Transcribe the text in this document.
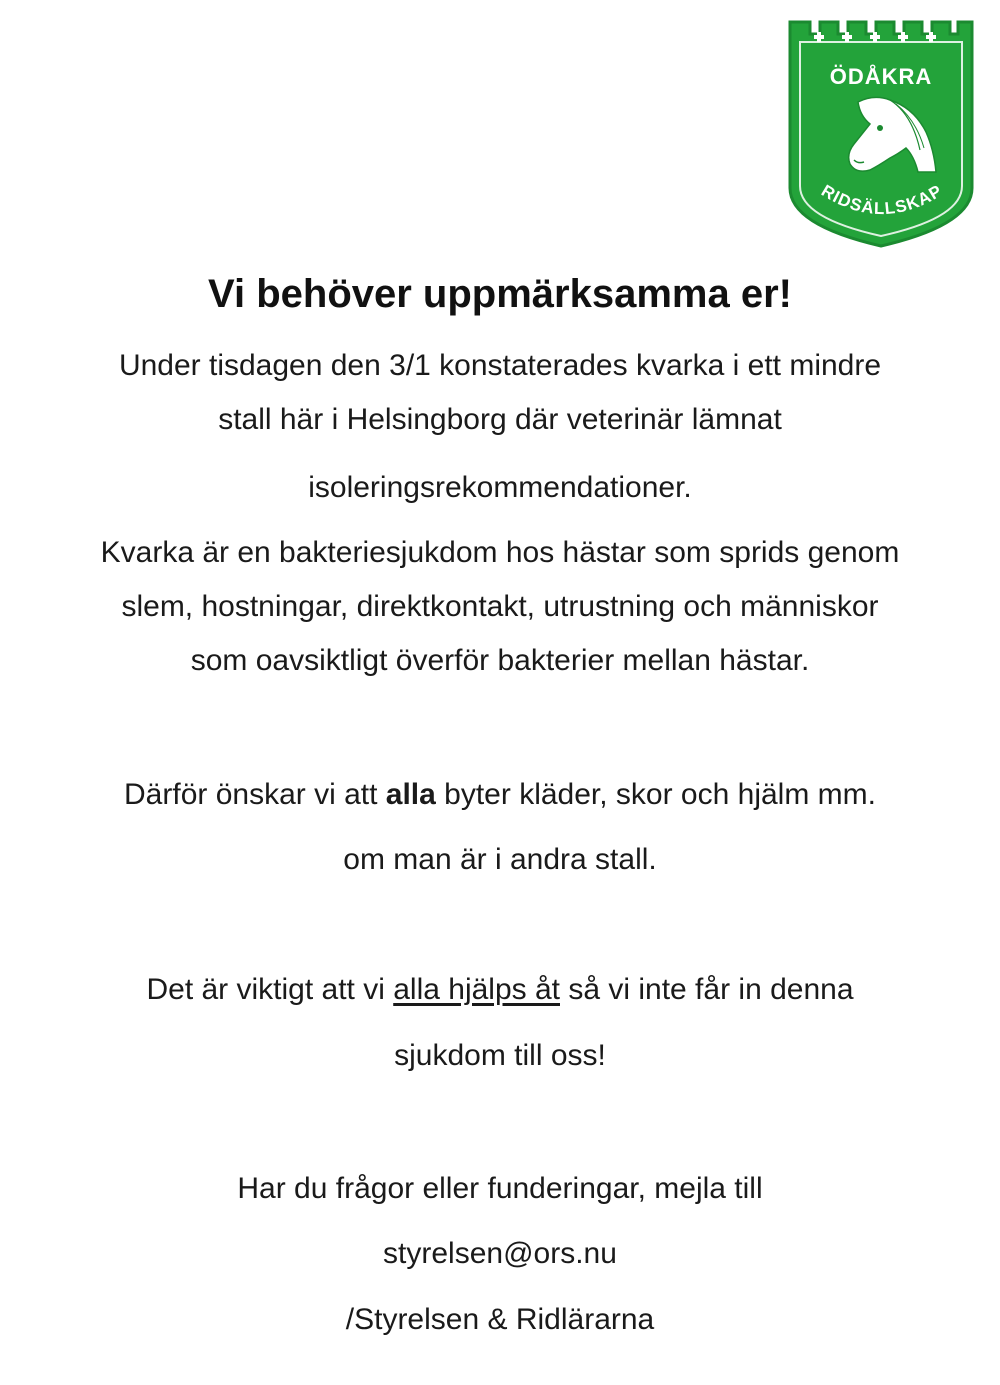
ÖDÅKRA
RIDSÄLLSKAP
Vi behöver uppmärksamma er!
Under tisdagen den 3/1 konstaterades kvarka i ett mindre
stall här i Helsingborg där veterinär lämnat
isoleringsrekommendationer.
Kvarka är en bakteriesjukdom hos hästar som sprids genom
slem, hostningar, direktkontakt, utrustning och människor
som oavsiktligt överför bakterier mellan hästar.
Därför önskar vi att alla byter kläder, skor och hjälm mm.
om man är i andra stall.
Det är viktigt att vi alla hjälps åt så vi inte får in denna
sjukdom till oss!
Har du frågor eller funderingar, mejla till
styrelsen@ors.nu
/Styrelsen & Ridlärarna
